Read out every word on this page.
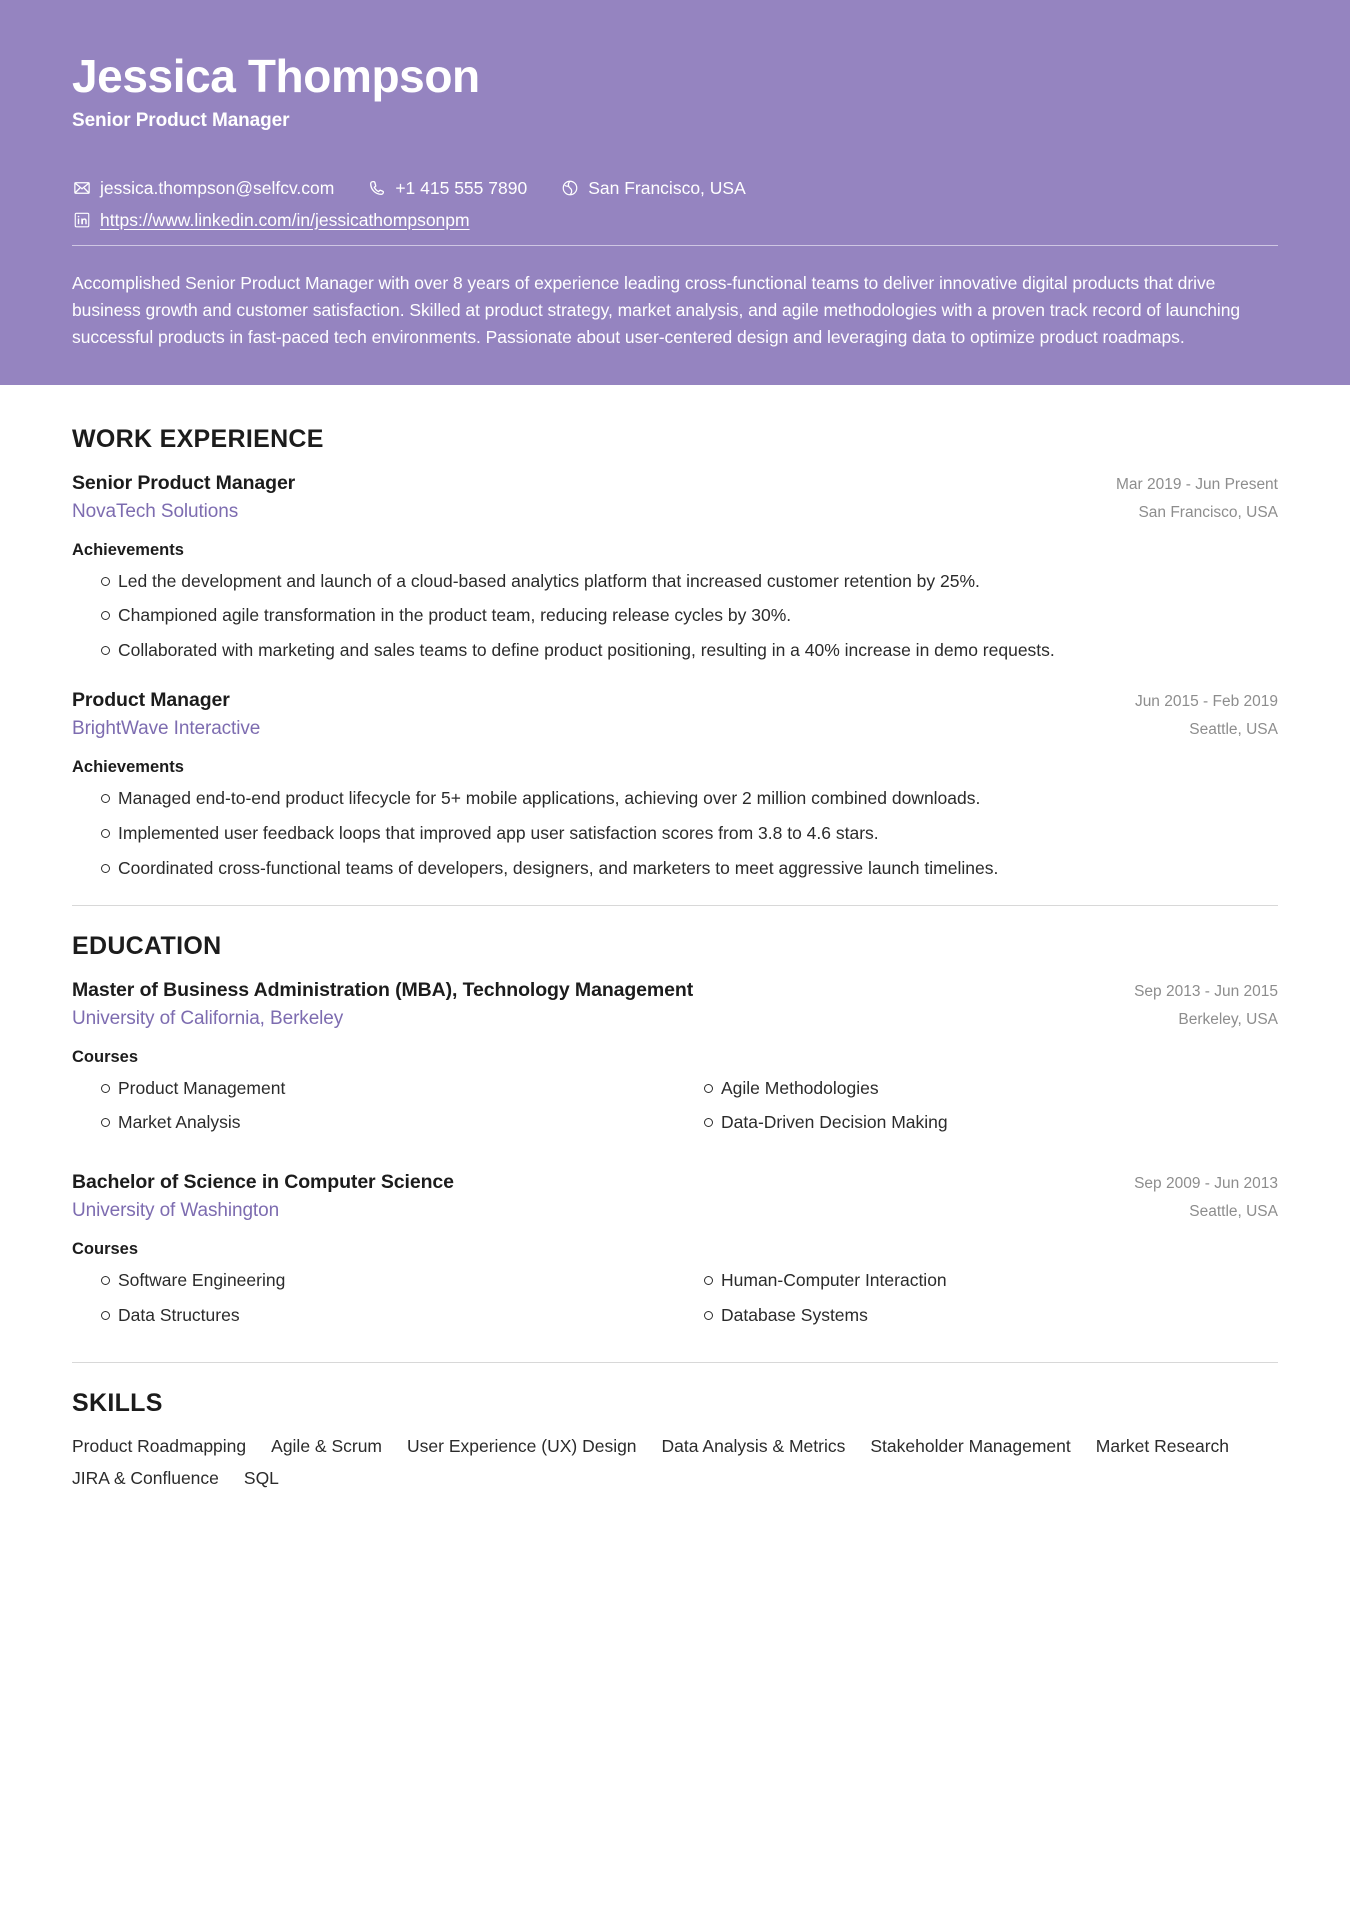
Jessica Thompson
Senior Product Manager
jessica.thompson@selfcv.com	+1 415 555 7890	San Francisco, USA
https://www.linkedin.com/in/jessicathompsonpm

Accomplished Senior Product Manager with over 8 years of experience leading cross-functional teams to deliver innovative digital products that drive business growth and customer satisfaction. Skilled at product strategy, market analysis, and agile methodologies with a proven track record of launching successful products in fast-paced tech environments. Passionate about user-centered design and leveraging data to optimize product roadmaps.

WORK EXPERIENCE
Senior Product Manager	Mar 2019 - Jun Present
NovaTech Solutions	San Francisco, USA
Achievements
Led the development and launch of a cloud-based analytics platform that increased customer retention by 25%.
Championed agile transformation in the product team, reducing release cycles by 30%.
Collaborated with marketing and sales teams to define product positioning, resulting in a 40% increase in demo requests.
Product Manager	Jun 2015 - Feb 2019
BrightWave Interactive	Seattle, USA
Achievements
Managed end-to-end product lifecycle for 5+ mobile applications, achieving over 2 million combined downloads.
Implemented user feedback loops that improved app user satisfaction scores from 3.8 to 4.6 stars.
Coordinated cross-functional teams of developers, designers, and marketers to meet aggressive launch timelines.
EDUCATION
Master of Business Administration (MBA), Technology Management	Sep 2013 - Jun 2015
University of California, Berkeley	Berkeley, USA
Courses
Product Management	Agile Methodologies
Market Analysis	Data-Driven Decision Making
Bachelor of Science in Computer Science	Sep 2009 - Jun 2013
University of Washington	Seattle, USA
Courses
Software Engineering	Human-Computer Interaction
Data Structures	Database Systems
SKILLS
Product Roadmapping Agile & Scrum User Experience (UX) Design Data Analysis & Metrics Stakeholder Management Market Research
JIRA & Confluence SQL
